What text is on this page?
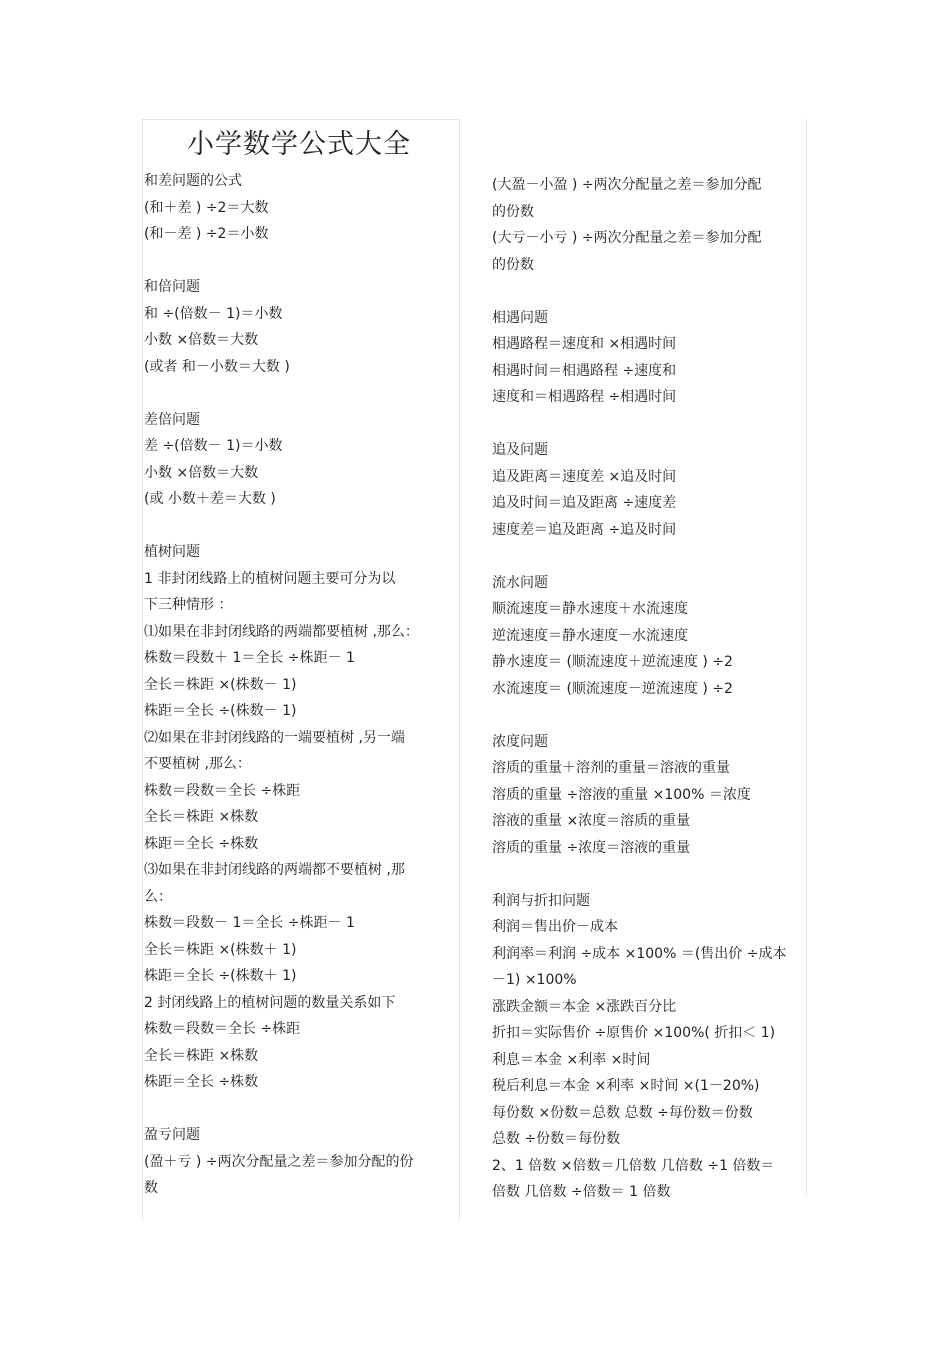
小学数学公式大全
和差问题的公式
(和＋差 ) ÷2＝大数
(和－差 ) ÷2＝小数
和倍问题
和 ÷(倍数－ 1)＝小数
小数 ×倍数＝大数
(或者 和－小数＝大数 )
差倍问题
差 ÷(倍数－ 1)＝小数
小数 ×倍数＝大数
(或 小数＋差＝大数 )
植树问题
1 非封闭线路上的植树问题主要可分为以
下三种情形 ：
⑴如果在非封闭线路的两端都要植树 ,那么：
株数＝段数＋ 1＝全长 ÷株距－ 1
全长＝株距 ×(株数－ 1)
株距＝全长 ÷(株数－ 1)
⑵如果在非封闭线路的一端要植树 ,另一端
不要植树 ,那么：
株数＝段数＝全长 ÷株距
全长＝株距 ×株数
株距＝全长 ÷株数
⑶如果在非封闭线路的两端都不要植树 ,那
么：
株数＝段数－ 1＝全长 ÷株距－ 1
全长＝株距 ×(株数＋ 1)
株距＝全长 ÷(株数＋ 1)
2 封闭线路上的植树问题的数量关系如下
株数＝段数＝全长 ÷株距
全长＝株距 ×株数
株距＝全长 ÷株数
盈亏问题
(盈＋亏 ) ÷两次分配量之差＝参加分配的份
数
(大盈－小盈 ) ÷两次分配量之差＝参加分配
的份数
(大亏－小亏 ) ÷两次分配量之差＝参加分配
的份数
相遇问题
相遇路程＝速度和 ×相遇时间
相遇时间＝相遇路程 ÷速度和
速度和＝相遇路程 ÷相遇时间
追及问题
追及距离＝速度差 ×追及时间
追及时间＝追及距离 ÷速度差
速度差＝追及距离 ÷追及时间
流水问题
顺流速度＝静水速度＋水流速度
逆流速度＝静水速度－水流速度
静水速度＝ (顺流速度＋逆流速度 ) ÷2
水流速度＝ (顺流速度－逆流速度 ) ÷2
浓度问题
溶质的重量＋溶剂的重量＝溶液的重量
溶质的重量 ÷溶液的重量 ×100% ＝浓度
溶液的重量 ×浓度＝溶质的重量
溶质的重量 ÷浓度＝溶液的重量
利润与折扣问题
利润＝售出价－成本
利润率＝利润 ÷成本 ×100% ＝(售出价 ÷成本
－1) ×100%
涨跌金额＝本金 ×涨跌百分比
折扣＝实际售价 ÷原售价 ×100%( 折扣＜ 1)
利息＝本金 ×利率 ×时间
税后利息＝本金 ×利率 ×时间 ×(1－20%)
每份数 ×份数＝总数 总数 ÷每份数＝份数
总数 ÷份数＝每份数
2、1 倍数 ×倍数＝几倍数 几倍数 ÷1 倍数＝
倍数 几倍数 ÷倍数＝ 1 倍数
